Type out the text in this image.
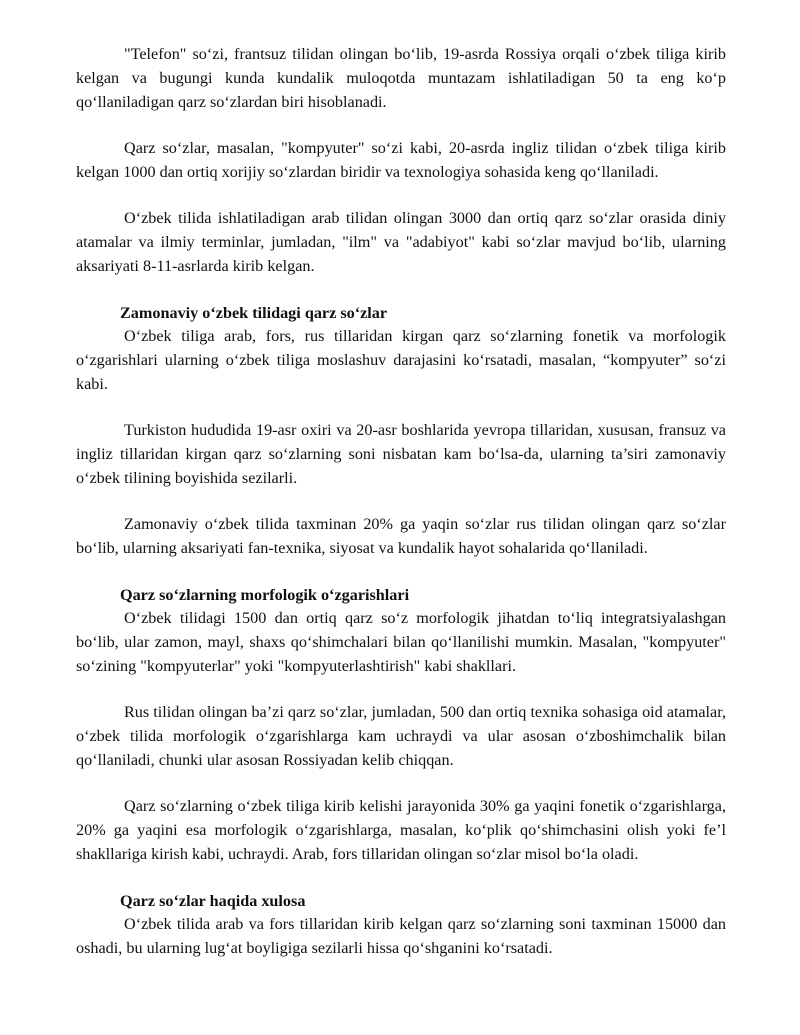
"Telefon" so‘zi, frantsuz tilidan olingan bo‘lib, 19-asrda Rossiya orqali o‘zbek tiliga kirib kelgan va bugungi kunda kundalik muloqotda muntazam ishlatiladigan 50 ta eng ko‘p qo‘llaniladigan qarz so‘zlardan biri hisoblanadi.

Qarz so‘zlar, masalan, "kompyuter" so‘zi kabi, 20-asrda ingliz tilidan o‘zbek tiliga kirib kelgan 1000 dan ortiq xorijiy so‘zlardan biridir va texnologiya sohasida keng qo‘llaniladi.

O‘zbek tilida ishlatiladigan arab tilidan olingan 3000 dan ortiq qarz so‘zlar orasida diniy atamalar va ilmiy terminlar, jumladan, "ilm" va "adabiyot" kabi so‘zlar mavjud bo‘lib, ularning aksariyati 8-11-asrlarda kirib kelgan.

Zamonaviy o‘zbek tilidagi qarz so‘zlar

O‘zbek tiliga arab, fors, rus tillaridan kirgan qarz so‘zlarning fonetik va morfologik o‘zgarishlari ularning o‘zbek tiliga moslashuv darajasini ko‘rsatadi, masalan, “kompyuter” so‘zi kabi.

Turkiston hududida 19-asr oxiri va 20-asr boshlarida yevropa tillaridan, xususan, fransuz va ingliz tillaridan kirgan qarz so‘zlarning soni nisbatan kam bo‘lsa-da, ularning ta’siri zamonaviy o‘zbek tilining boyishida sezilarli.

Zamonaviy o‘zbek tilida taxminan 20% ga yaqin so‘zlar rus tilidan olingan qarz so‘zlar bo‘lib, ularning aksariyati fan-texnika, siyosat va kundalik hayot sohalarida qo‘llaniladi.

Qarz so‘zlarning morfologik o‘zgarishlari

O‘zbek tilidagi 1500 dan ortiq qarz so‘z morfologik jihatdan to‘liq integratsiyalashgan bo‘lib, ular zamon, mayl, shaxs qo‘shimchalari bilan qo‘llanilishi mumkin. Masalan, "kompyuter" so‘zining "kompyuterlar" yoki "kompyuterlashtirish" kabi shakllari.

Rus tilidan olingan ba’zi qarz so‘zlar, jumladan, 500 dan ortiq texnika sohasiga oid atamalar, o‘zbek tilida morfologik o‘zgarishlarga kam uchraydi va ular asosan o‘zboshimchalik bilan qo‘llaniladi, chunki ular asosan Rossiyadan kelib chiqqan.

Qarz so‘zlarning o‘zbek tiliga kirib kelishi jarayonida 30% ga yaqini fonetik o‘zgarishlarga, 20% ga yaqini esa morfologik o‘zgarishlarga, masalan, ko‘plik qo‘shimchasini olish yoki fe’l shakllariga kirish kabi, uchraydi. Arab, fors tillaridan olingan so‘zlar misol bo‘la oladi.

Qarz so‘zlar haqida xulosa

O‘zbek tilida arab va fors tillaridan kirib kelgan qarz so‘zlarning soni taxminan 15000 dan oshadi, bu ularning lug‘at boyligiga sezilarli hissa qo‘shganini ko‘rsatadi.
